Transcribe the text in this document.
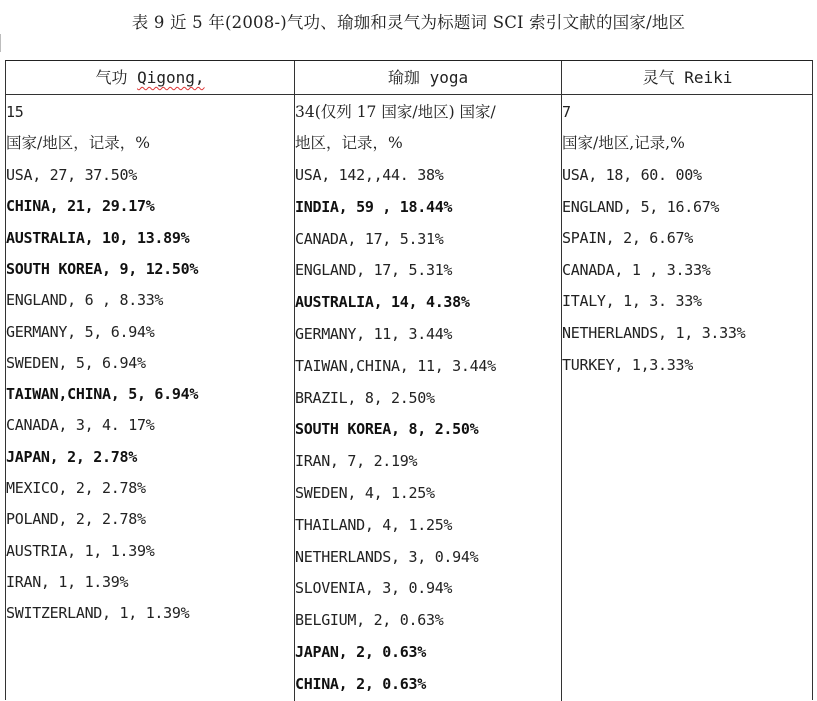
表 9 近 5 年(2008-)气功、瑜珈和灵气为标题词 SCI 索引文献的国家/地区
气功 Qigong,	瑜珈 yoga	灵气 Reiki
15
国家/地区，记录，%
USA, 27, 37.50%
CHINA, 21, 29.17%
AUSTRALIA, 10, 13.89%
SOUTH KOREA, 9, 12.50%
ENGLAND, 6 , 8.33%
GERMANY, 5, 6.94%
SWEDEN, 5, 6.94%
TAIWAN,CHINA, 5, 6.94%
CANADA, 3, 4. 17%
JAPAN, 2, 2.78%
MEXICO, 2, 2.78%
POLAND, 2, 2.78%
AUSTRIA, 1, 1.39%
IRAN, 1, 1.39%
SWITZERLAND, 1, 1.39%
34(仅列 17 国家/地区) 国家/
地区，记录，%
USA, 142,,44. 38%
INDIA, 59 , 18.44%
CANADA, 17, 5.31%
ENGLAND, 17, 5.31%
AUSTRALIA, 14, 4.38%
GERMANY, 11, 3.44%
TAIWAN,CHINA, 11, 3.44%
BRAZIL, 8, 2.50%
SOUTH KOREA, 8, 2.50%
IRAN, 7, 2.19%
SWEDEN, 4, 1.25%
THAILAND, 4, 1.25%
NETHERLANDS, 3, 0.94%
SLOVENIA, 3, 0.94%
BELGIUM, 2, 0.63%
JAPAN, 2, 0.63%
CHINA, 2, 0.63%
7
国家/地区,记录,%
USA, 18, 60. 00%
ENGLAND, 5, 16.67%
SPAIN, 2, 6.67%
CANADA, 1 , 3.33%
ITALY, 1, 3. 33%
NETHERLANDS, 1, 3.33%
TURKEY, 1,3.33%
